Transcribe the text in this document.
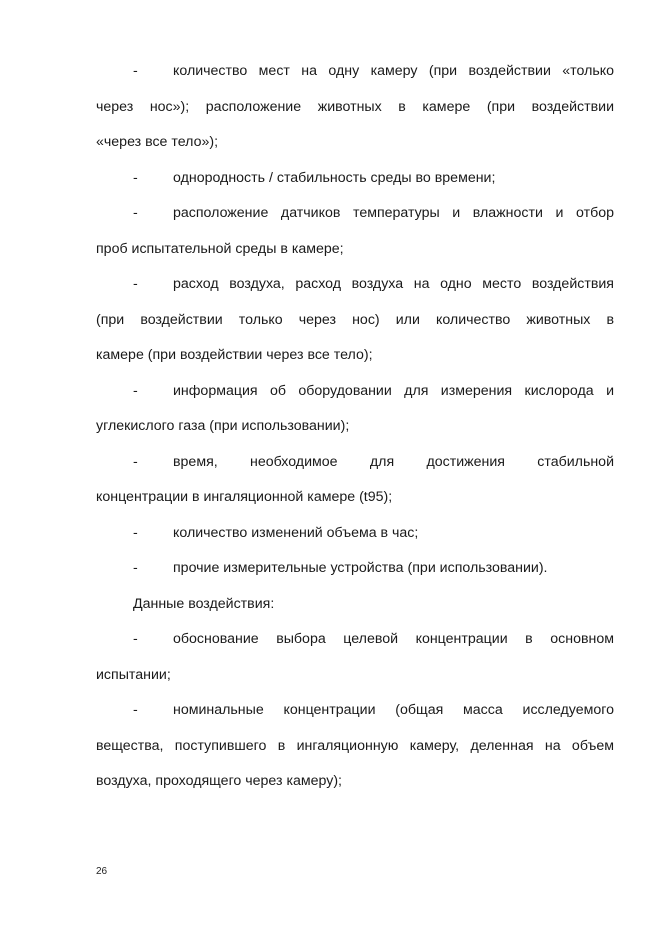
- количество мест на одну камеру (при воздействии «только
через нос»); расположение животных в камере (при воздействии
«через все тело»);
- однородность / стабильность среды во времени;
- расположение датчиков температуры и влажности и отбор
проб испытательной среды в камере;
- расход воздуха, расход воздуха на одно место воздействия
(при воздействии только через нос) или количество животных в
камере (при воздействии через все тело);
- информация об оборудовании для измерения кислорода и
углекислого газа (при использовании);
- время, необходимое для достижения стабильной
концентрации в ингаляционной камере (t95);
- количество изменений объема в час;
- прочие измерительные устройства (при использовании).
Данные воздействия:
- обоснование выбора целевой концентрации в основном
испытании;
- номинальные концентрации (общая масса исследуемого
вещества, поступившего в ингаляционную камеру, деленная на объем
воздуха, проходящего через камеру);
26
